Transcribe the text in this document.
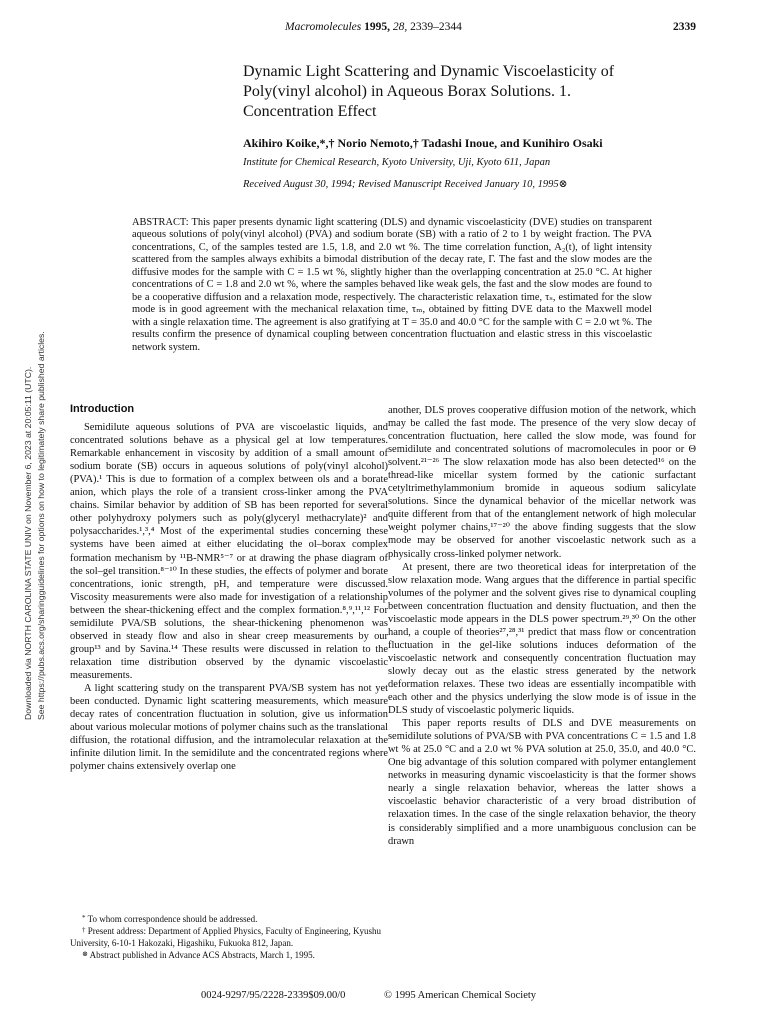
Macromolecules 1995, 28, 2339–2344	2339
Downloaded via NORTH CAROLINA STATE UNIV on November 6, 2023 at 20:05:11 (UTC). See https://pubs.acs.org/sharingguidelines for options on how to legitimately share published articles.
Dynamic Light Scattering and Dynamic Viscoelasticity of Poly(vinyl alcohol) in Aqueous Borax Solutions. 1. Concentration Effect
Akihiro Koike,*,† Norio Nemoto,† Tadashi Inoue, and Kunihiro Osaki
Institute for Chemical Research, Kyoto University, Uji, Kyoto 611, Japan
Received August 30, 1994; Revised Manuscript Received January 10, 1995⊗

ABSTRACT: This paper presents dynamic light scattering (DLS) and dynamic viscoelasticity (DVE) studies on transparent aqueous solutions of poly(vinyl alcohol) (PVA) and sodium borate (SB) with a ratio of 2 to 1 by weight fraction. The PVA concentrations, C, of the samples tested are 1.5, 1.8, and 2.0 wt %. The time correlation function, A₂(t), of light intensity scattered from the samples always exhibits a bimodal distribution of the decay rate, Γ. The fast and the slow modes are the diffusive modes for the sample with C = 1.5 wt %, slightly higher than the overlapping concentration at 25.0 °C. At higher concentrations of C = 1.8 and 2.0 wt %, where the samples behaved like weak gels, the fast and the slow modes are found to be a cooperative diffusion and a relaxation mode, respectively. The characteristic relaxation time, τₛ, estimated for the slow mode is in good agreement with the mechanical relaxation time, τₘ, obtained by fitting DVE data to the Maxwell model with a single relaxation time. The agreement is also gratifying at T = 35.0 and 40.0 °C for the sample with C = 2.0 wt %. The results confirm the presence of dynamical coupling between concentration fluctuation and elastic stress in this viscoelastic network system.

Introduction

Semidilute aqueous solutions of PVA are viscoelastic liquids, and concentrated solutions behave as a physical gel at low temperatures. Remarkable enhancement in viscosity by addition of a small amount of sodium borate (SB) occurs in aqueous solutions of poly(vinyl alcohol) (PVA).¹ This is due to formation of a complex between ols and a borate anion, which plays the role of a transient cross-linker among the PVA chains. Similar behavior by addition of SB has been reported for several other polyhydroxy polymers such as poly(glyceryl methacrylate)² and polysaccharides.¹,³,⁴ Most of the experimental studies concerning these systems have been aimed at either elucidating the ol–borax complex formation mechanism by ¹¹B-NMR⁵⁻⁷ or at drawing the phase diagram of the sol–gel transition.⁸⁻¹⁰ In these studies, the effects of polymer and borate concentrations, ionic strength, pH, and temperature were discussed. Viscosity measurements were also made for investigation of a relationship between the shear-thickening effect and the complex formation.⁸,⁹,¹¹,¹² For semidilute PVA/SB solutions, the shear-thickening phenomenon was observed in steady flow and also in shear creep measurements by our group¹³ and by Savina.¹⁴ These results were discussed in relation to the relaxation time distribution observed by the dynamic viscoelastic measurements.

A light scattering study on the transparent PVA/SB system has not yet been conducted. Dynamic light scattering measurements, which measure decay rates of concentration fluctuation in solution, give us information about various molecular motions of polymer chains such as the translational diffusion, the rotational diffusion, and the intramolecular relaxation at the infinite dilution limit. In the semidilute and the concentrated regions where polymer chains extensively overlap one

another, DLS proves cooperative diffusion motion of the network, which may be called the fast mode. The presence of the very slow decay of concentration fluctuation, here called the slow mode, was found for semidilute and concentrated solutions of macromolecules in poor or Θ solvent.²¹⁻²⁶ The slow relaxation mode has also been detected¹⁶ on the thread-like micellar system formed by the cationic surfactant cetyltrimethylammonium bromide in aqueous sodium salicylate solutions. Since the dynamical behavior of the micellar network was quite different from that of the entanglement network of high molecular weight polymer chains,¹⁷⁻²⁰ the above finding suggests that the slow mode may be observed for another viscoelastic network such as a physically cross-linked polymer network.

At present, there are two theoretical ideas for interpretation of the slow relaxation mode. Wang argues that the difference in partial specific volumes of the polymer and the solvent gives rise to dynamical coupling between concentration fluctuation and density fluctuation, and then the viscoelastic mode appears in the DLS power spectrum.²⁹,³⁰ On the other hand, a couple of theories²⁷,²⁸,³¹ predict that mass flow or concentration fluctuation in the gel-like solutions induces deformation of the viscoelastic network and consequently concentration fluctuation may slowly decay out as the elastic stress generated by the network deformation relaxes. These two ideas are essentially incompatible with each other and the physics underlying the slow mode is of issue in the DLS study of viscoelastic polymeric liquids.

This paper reports results of DLS and DVE measurements on semidilute solutions of PVA/SB with PVA concentrations C = 1.5 and 1.8 wt % at 25.0 °C and a 2.0 wt % PVA solution at 25.0, 35.0, and 40.0 °C. One big advantage of this solution compared with polymer entanglement networks in measuring dynamic viscoelasticity is that the former shows nearly a single relaxation behavior, whereas the latter shows a viscoelastic behavior characteristic of a very broad distribution of relaxation times. In the case of the single relaxation behavior, the theory is considerably simplified and a more unambiguous conclusion can be drawn

* To whom correspondence should be addressed.

† Present address: Department of Applied Physics, Faculty of Engineering, Kyushu University, 6-10-1 Hakozaki, Higashiku, Fukuoka 812, Japan.

⊗ Abstract published in Advance ACS Abstracts, March 1, 1995.

0024-9297/95/2228-2339$09.00/0	© 1995 American Chemical Society
